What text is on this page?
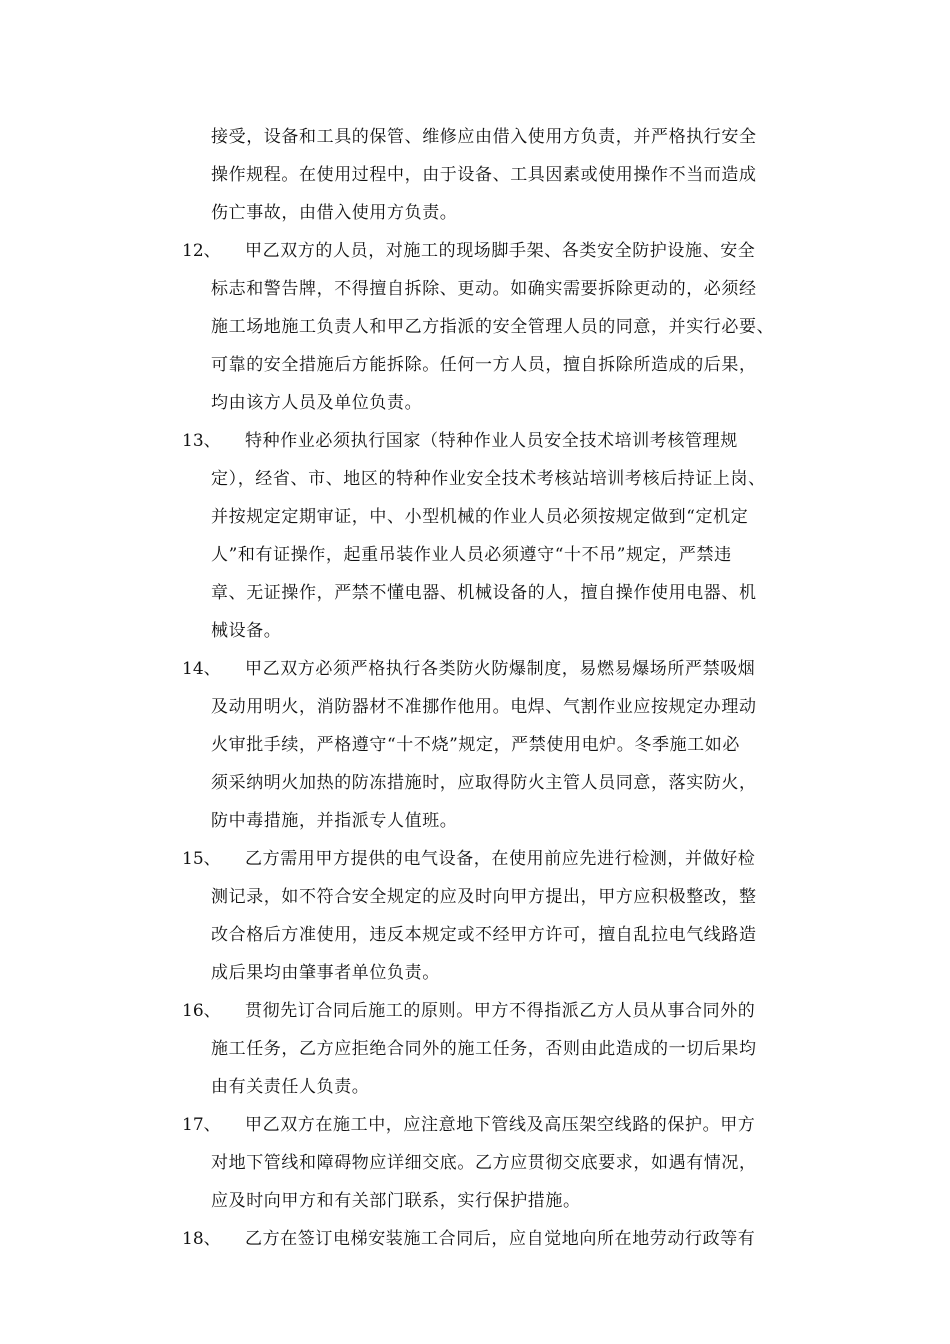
接受，设备和工具的保管、维修应由借入使用方负责，并严格执行安全
操作规程。在使用过程中，由于设备、工具因素或使用操作不当而造成
伤亡事故，由借入使用方负责。
12、 甲乙双方的人员，对施工的现场脚手架、各类安全防护设施、安全
标志和警告牌，不得擅自拆除、更动。如确实需要拆除更动的，必须经
施工场地施工负责人和甲乙方指派的安全管理人员的同意，并实行必要、
可靠的安全措施后方能拆除。任何一方人员，擅自拆除所造成的后果，
均由该方人员及单位负责。
13、 特种作业必须执行国家（特种作业人员安全技术培训考核管理规
定），经省、市、地区的特种作业安全技术考核站培训考核后持证上岗、
并按规定定期审证，中、小型机械的作业人员必须按规定做到“定机定
人”和有证操作，起重吊装作业人员必须遵守“十不吊”规定，严禁违
章、无证操作，严禁不懂电器、机械设备的人，擅自操作使用电器、机
械设备。
14、 甲乙双方必须严格执行各类防火防爆制度，易燃易爆场所严禁吸烟
及动用明火，消防器材不准挪作他用。电焊、气割作业应按规定办理动
火审批手续，严格遵守“十不烧”规定，严禁使用电炉。冬季施工如必
须采纳明火加热的防冻措施时，应取得防火主管人员同意，落实防火，
防中毒措施，并指派专人值班。
15、 乙方需用甲方提供的电气设备，在使用前应先进行检测，并做好检
测记录，如不符合安全规定的应及时向甲方提出，甲方应积极整改，整
改合格后方准使用，违反本规定或不经甲方许可，擅自乱拉电气线路造
成后果均由肇事者单位负责。
16、 贯彻先订合同后施工的原则。甲方不得指派乙方人员从事合同外的
施工任务，乙方应拒绝合同外的施工任务，否则由此造成的一切后果均
由有关责任人负责。
17、 甲乙双方在施工中，应注意地下管线及高压架空线路的保护。甲方
对地下管线和障碍物应详细交底。乙方应贯彻交底要求，如遇有情况，
应及时向甲方和有关部门联系，实行保护措施。
18、 乙方在签订电梯安装施工合同后，应自觉地向所在地劳动行政等有
